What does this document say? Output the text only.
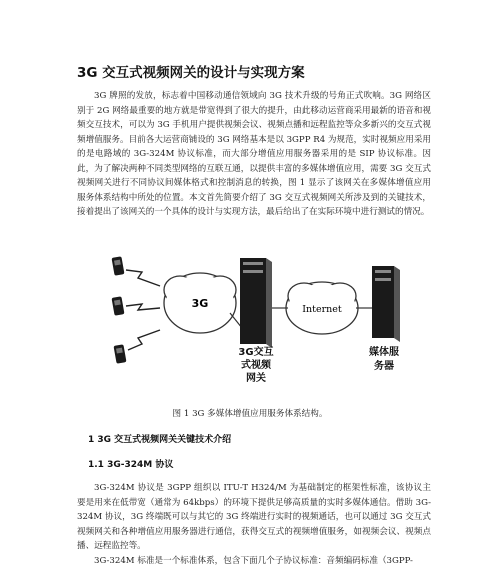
3G 交互式视频网关的设计与实现方案
3G 牌照的发放，标志着中国移动通信领域向 3G 技术升级的号角正式吹响。3G 网络区别于 2G 网络最重要的地方就是带宽得到了很大的提升，由此移动运营商采用最新的语音和视频交互技术，可以为 3G 手机用户提供视频会议、视频点播和远程监控等众多新兴的交互式视频增值服务。目前各大运营商铺设的 3G 网络基本是以 3GPP R4 为规范，实时视频应用采用的是电路域的 3G-324M 协议标准，而大部分增值应用服务器采用的是 SIP 协议标准。因此，为了解决两种不同类型网络的互联互通，以提供丰富的多媒体增值应用，需要 3G 交互式视频网关进行不同协议间媒体格式和控制消息的转换，图 1 显示了该网关在多媒体增值应用服务体系结构中所处的位置。本文首先简要介绍了 3G 交互式视频网关所涉及到的关键技术，接着提出了该网关的一个具体的设计与实现方法，最后给出了在实际环境中进行测试的情况。
3G	Internet
3G交互式视频网关
媒体服务器
图 1 3G 多媒体增值应用服务体系结构。
1 3G 交互式视频网关关键技术介绍
1.1 3G-324M 协议
3G-324M 协议是 3GPP 组织以 ITU-T H324/M 为基础制定的框架性标准，该协议主要是用来在低带宽（通常为 64kbps）的环境下提供足够高质量的实时多媒体通信。借助 3G-324M 协议，3G 终端既可以与其它的 3G 终端进行实时的视频通话，也可以通过 3G 交互式视频网关和各种增值应用服务器进行通信，获得交互式的视频增值服务，如视频会议、视频点播、远程监控等。
3G-324M 标准是一个标准体系，包含下面几个子协议标准：音频编码标准（3GPP-
